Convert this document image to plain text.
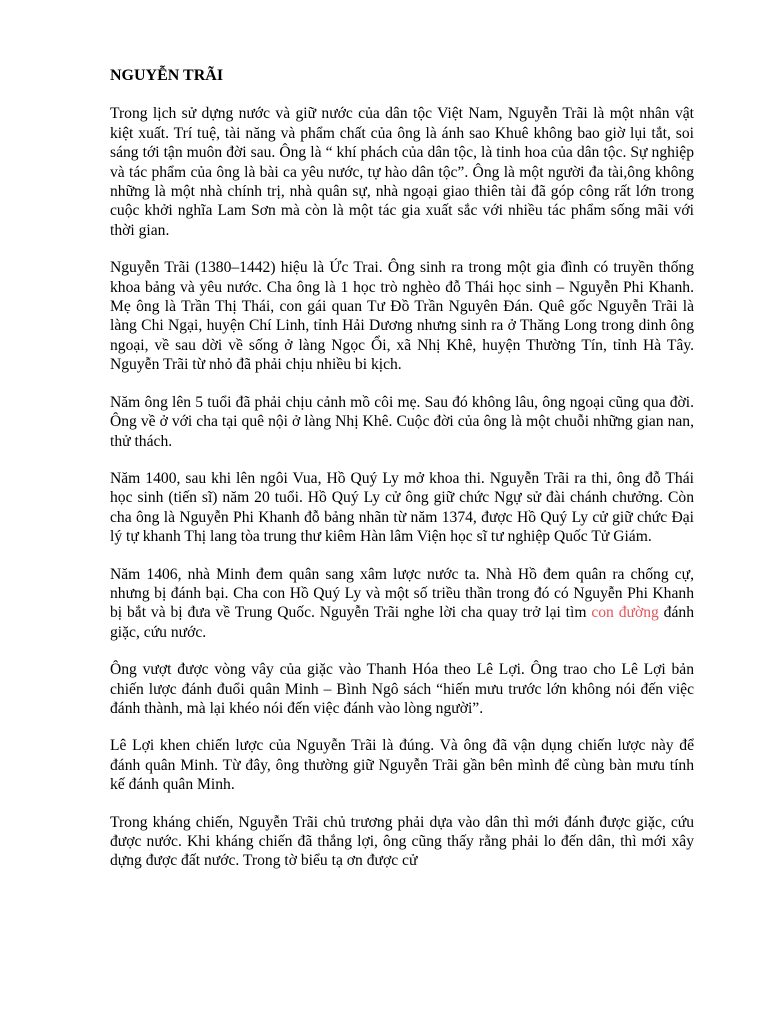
NGUYỄN TRÃI

Trong lịch sử dựng nước và giữ nước của dân tộc Việt Nam, Nguyễn Trãi là một nhân vật kiệt xuất. Trí tuệ, tài năng và phẩm chất của ông là ánh sao Khuê không bao giờ lụi tắt, soi sáng tới tận muôn đời sau. Ông là “ khí phách của dân tộc, là tinh hoa của dân tộc. Sự nghiệp và tác phẩm của ông là bài ca yêu nước, tự hào dân tộc”. Ông là một người đa tài,ông không những là một nhà chính trị, nhà quân sự, nhà ngoại giao thiên tài đã góp công rất lớn trong cuộc khởi nghĩa Lam Sơn mà còn là một tác gia xuất sắc với nhiều tác phẩm sống mãi với thời gian.

Nguyễn Trãi (1380–1442) hiệu là Ức Trai. Ông sinh ra trong một gia đình có truyền thống khoa bảng và yêu nước. Cha ông là 1 học trò nghèo đỗ Thái học sinh – Nguyễn Phi Khanh. Mẹ ông là Trần Thị Thái, con gái quan Tư Đồ Trần Nguyên Đán. Quê gốc Nguyễn Trãi là làng Chi Ngại, huyện Chí Linh, tỉnh Hải Dương nhưng sinh ra ở Thăng Long trong dinh ông ngoại, về sau dời về sống ở làng Ngọc Ổi, xã Nhị Khê, huyện Thường Tín, tỉnh Hà Tây. Nguyễn Trãi từ nhỏ đã phải chịu nhiều bi kịch.

Năm ông lên 5 tuổi đã phải chịu cảnh mồ côi mẹ. Sau đó không lâu, ông ngoại cũng qua đời. Ông về ở với cha tại quê nội ở làng Nhị Khê. Cuộc đời của ông là một chuỗi những gian nan, thử thách.

Năm 1400, sau khi lên ngôi Vua, Hồ Quý Ly mở khoa thi. Nguyễn Trãi ra thi, ông đỗ Thái học sinh (tiến sĩ) năm 20 tuổi. Hồ Quý Ly cử ông giữ chức Ngự sử đài chánh chưởng. Còn cha ông là Nguyễn Phi Khanh đỗ bảng nhãn từ năm 1374, được Hồ Quý Ly cử giữ chức Đại lý tự khanh Thị lang tòa trung thư kiêm Hàn lâm Viện học sĩ tư nghiệp Quốc Tử Giám.

Năm 1406, nhà Minh đem quân sang xâm lược nước ta. Nhà Hồ đem quân ra chống cự, nhưng bị đánh bại. Cha con Hồ Quý Ly và một số triều thần trong đó có Nguyễn Phi Khanh bị bắt và bị đưa về Trung Quốc. Nguyễn Trãi nghe lời cha quay trở lại tìm con đường đánh giặc, cứu nước.

Ông vượt được vòng vây của giặc vào Thanh Hóa theo Lê Lợi. Ông trao cho Lê Lợi bản chiến lược đánh đuổi quân Minh – Bình Ngô sách “hiến mưu trước lớn không nói đến việc đánh thành, mà lại khéo nói đến việc đánh vào lòng người”.

Lê Lợi khen chiến lược của Nguyễn Trãi là đúng. Và ông đã vận dụng chiến lược này để đánh quân Minh. Từ đây, ông thường giữ Nguyễn Trãi gần bên mình để cùng bàn mưu tính kế đánh quân Minh.

Trong kháng chiến, Nguyễn Trãi chủ trương phải dựa vào dân thì mới đánh được giặc, cứu được nước. Khi kháng chiến đã thắng lợi, ông cũng thấy rằng phải lo đến dân, thì mới xây dựng được đất nước. Trong tờ biểu tạ ơn được cử
